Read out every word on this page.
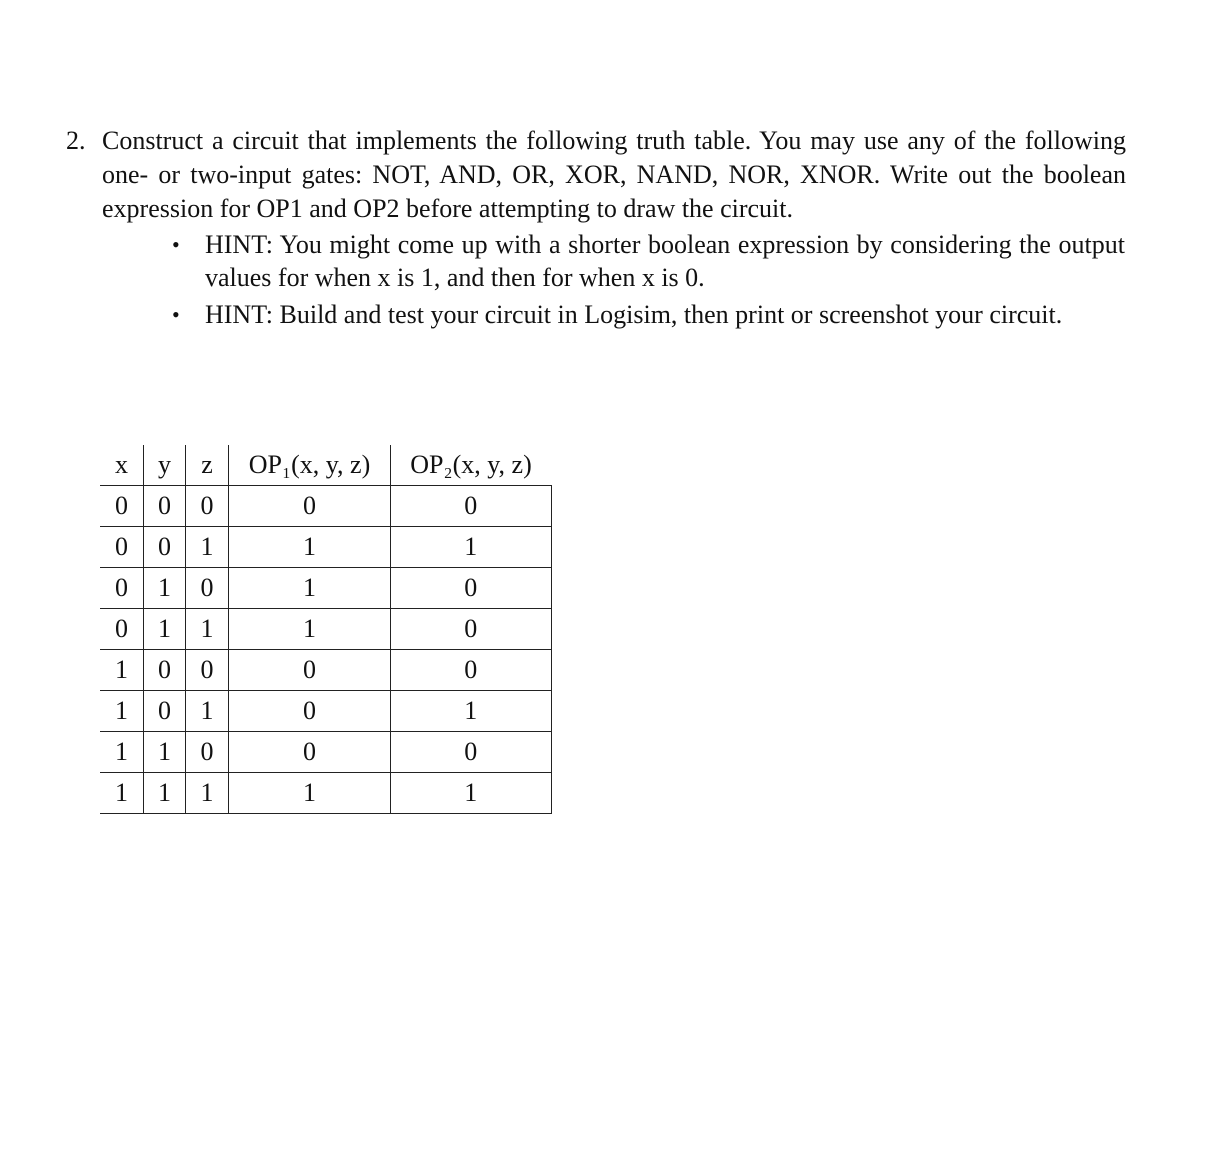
2. Construct a circuit that implements the following truth table. You may use any of the following one- or two-input gates: NOT, AND, OR, XOR, NAND, NOR, XNOR. Write out the boolean expression for OP1 and OP2 before attempting to draw the circuit.
• HINT: You might come up with a shorter boolean expression by considering the output values for when x is 1, and then for when x is 0.
• HINT: Build and test your circuit in Logisim, then print or screenshot your circuit.
x	y	z	OP₁(x, y, z)	OP₂(x, y, z)
0	0	0	0	0
0	0	1	1	1
0	1	0	1	0
0	1	1	1	0
1	0	0	0	0
1	0	1	0	1
1	1	0	0	0
1	1	1	1	1
